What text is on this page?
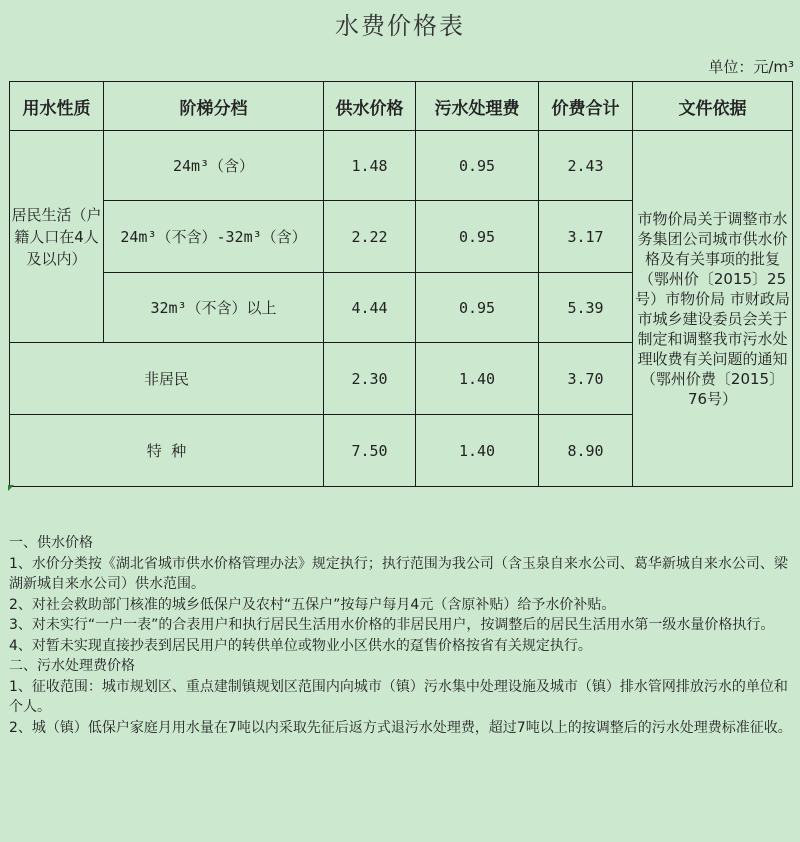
水费价格表
单位：元/m³
用水性质	阶梯分档	供水价格	污水处理费	价费合计	文件依据
居民生活（户籍人口在4人及以内）	24m³（含）	1.48	0.95	2.43	市物价局关于调整市水务集团公司城市供水价格及有关事项的批复（鄂州价〔2015〕25号）市物价局 市财政局 市城乡建设委员会关于制定和调整我市污水处理收费有关问题的通知（鄂州价费〔2015〕76号）
	24m³（不含）-32m³（含）	2.22	0.95	3.17	
	32m³（不含）以上	4.44	0.95	5.39	
非居民		2.30	1.40	3.70	
特  种		7.50	1.40	8.90	

一、供水价格

1、水价分类按《湖北省城市供水价格管理办法》规定执行；执行范围为我公司（含玉泉自来水公司、葛华新城自来水公司、梁湖新城自来水公司）供水范围。

2、对社会救助部门核准的城乡低保户及农村“五保户”按每户每月4元（含原补贴）给予水价补贴。

3、对未实行“一户一表”的合表用户和执行居民生活用水价格的非居民用户，按调整后的居民生活用水第一级水量价格执行。

4、对暂未实现直接抄表到居民用户的转供单位或物业小区供水的趸售价格按省有关规定执行。

二、污水处理费价格

1、征收范围：城市规划区、重点建制镇规划区范围内向城市（镇）污水集中处理设施及城市（镇）排水管网排放污水的单位和个人。

2、城（镇）低保户家庭月用水量在7吨以内采取先征后返方式退污水处理费，超过7吨以上的按调整后的污水处理费标准征收。
